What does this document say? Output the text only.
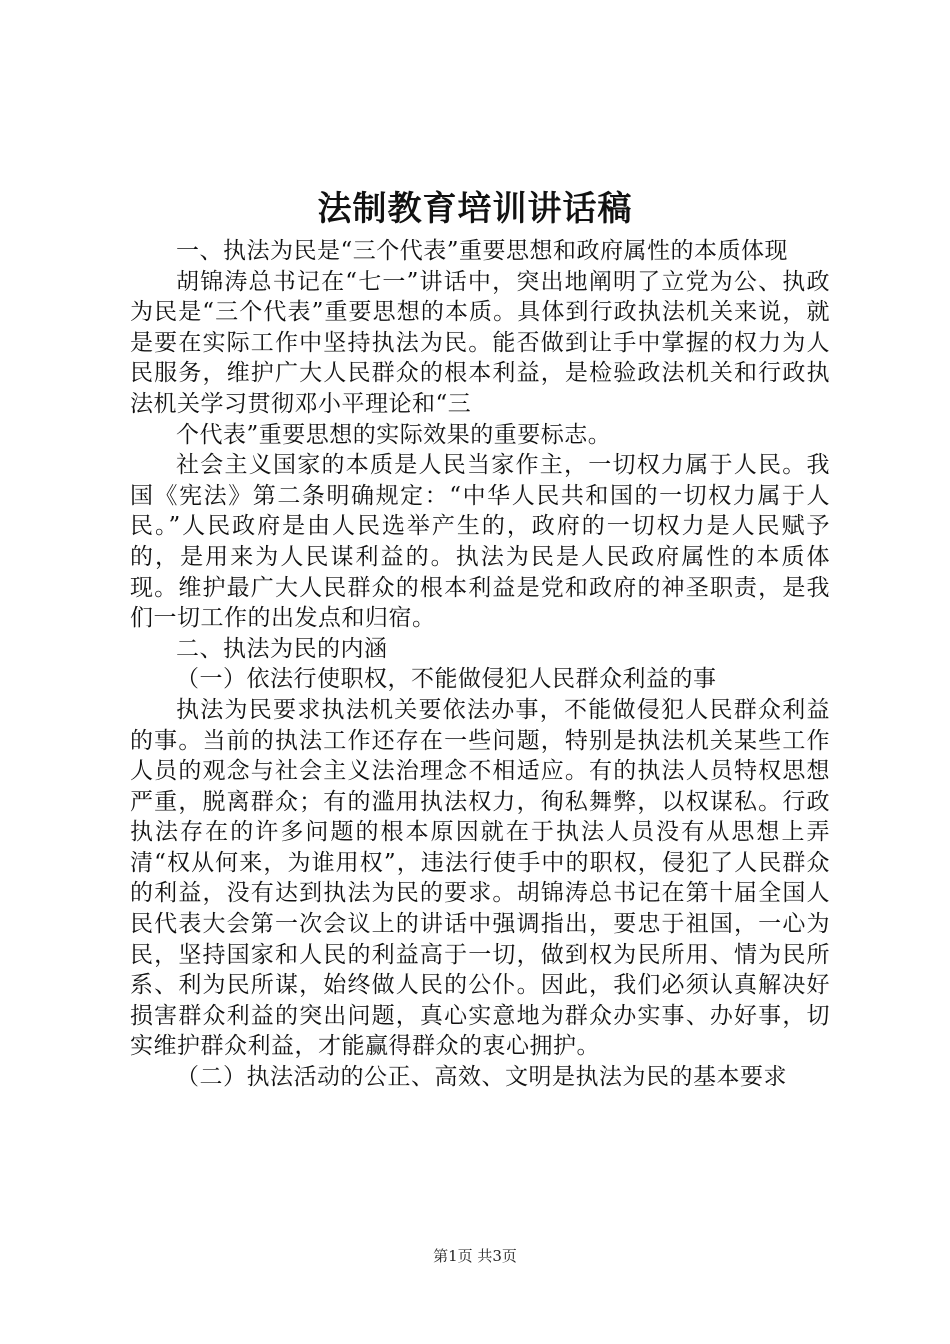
法制教育培训讲话稿

一、执法为民是“三个代表”重要思想和政府属性的本质体现

胡锦涛总书记在“七一”讲话中，突出地阐明了立党为公、执政为民是“三个代表”重要思想的本质。具体到行政执法机关来说，就是要在实际工作中坚持执法为民。能否做到让手中掌握的权力为人民服务，维护广大人民群众的根本利益，是检验政法机关和行政执法机关学习贯彻邓小平理论和“三

个代表”重要思想的实际效果的重要标志。

社会主义国家的本质是人民当家作主，一切权力属于人民。我国《宪法》第二条明确规定：“中华人民共和国的一切权力属于人民。”人民政府是由人民选举产生的，政府的一切权力是人民赋予的，是用来为人民谋利益的。执法为民是人民政府属性的本质体现。维护最广大人民群众的根本利益是党和政府的神圣职责，是我们一切工作的出发点和归宿。

二、执法为民的内涵

（一）依法行使职权，不能做侵犯人民群众利益的事

执法为民要求执法机关要依法办事，不能做侵犯人民群众利益的事。当前的执法工作还存在一些问题，特别是执法机关某些工作人员的观念与社会主义法治理念不相适应。有的执法人员特权思想严重，脱离群众；有的滥用执法权力，徇私舞弊，以权谋私。行政执法存在的许多问题的根本原因就在于执法人员没有从思想上弄清“权从何来，为谁用权”，违法行使手中的职权，侵犯了人民群众的利益，没有达到执法为民的要求。胡锦涛总书记在第十届全国人民代表大会第一次会议上的讲话中强调指出，要忠于祖国，一心为民，坚持国家和人民的利益高于一切，做到权为民所用、情为民所系、利为民所谋，始终做人民的公仆。因此，我们必须认真解决好损害群众利益的突出问题，真心实意地为群众办实事、办好事，切实维护群众利益，才能赢得群众的衷心拥护。

（二）执法活动的公正、高效、文明是执法为民的基本要求

第1页 共3页
